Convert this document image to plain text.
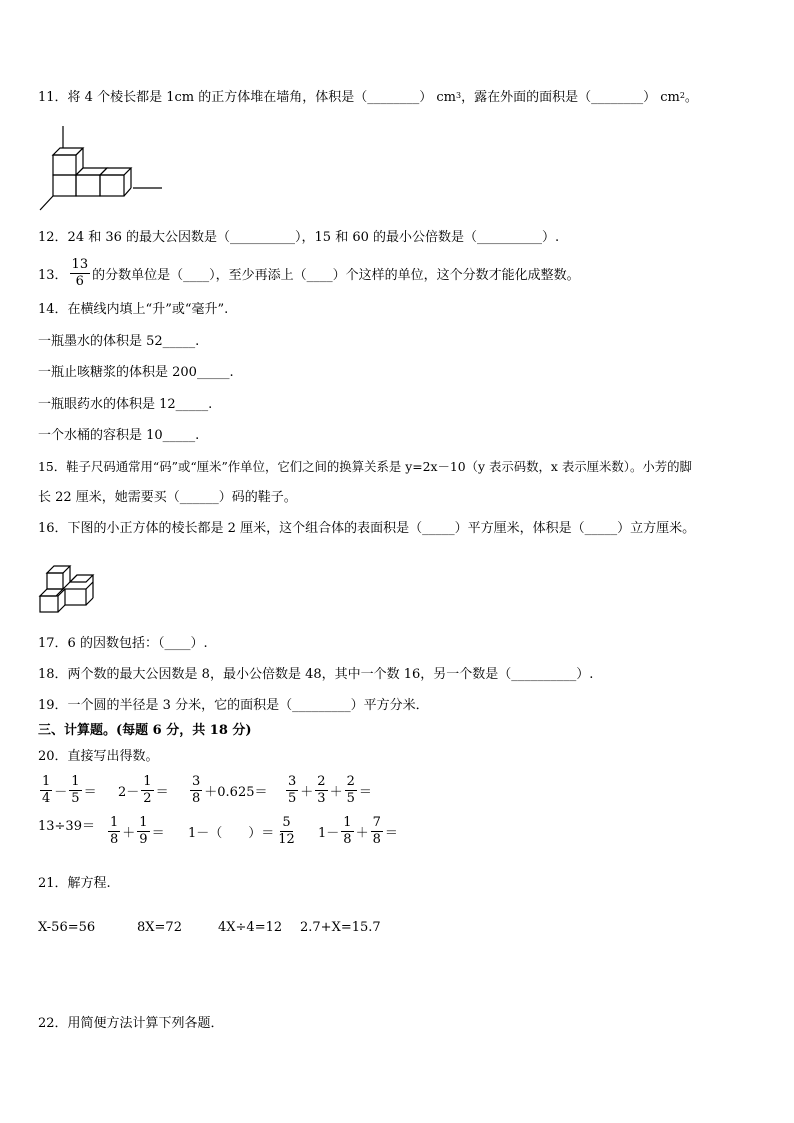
11．将 4 个棱长都是 1cm 的正方体堆在墙角，体积是（________） $cm^3$，露在外面的面积是（________） $cm^2$。
12．24 和 36 的最大公因数是（__________），15 和 60 的最小公倍数是（__________）.
13． $\frac{13}{6}$ 的分数单位是（____），至少再添上（____）个这样的单位，这个分数才能化成整数。
14．在横线内填上“升”或“毫升”.
一瓶墨水的体积是 52_____.
一瓶止咳糖浆的体积是 200_____.
一瓶眼药水的体积是 12_____.
一个水桶的容积是 10_____.
15．鞋子尺码通常用“码”或“厘米”作单位，它们之间的换算关系是 y=2x－10（y 表示码数，x 表示厘米数）。小芳的脚
长 22 厘米，她需要买（______）码的鞋子。
16．下图的小正方体的棱长都是 2 厘米，这个组合体的表面积是（_____）平方厘米，体积是（_____）立方厘米。
17．6 的因数包括：（____）.
18．两个数的最大公因数是 8，最小公倍数是 48，其中一个数 16，另一个数是（__________）.
19．一个圆的半径是 3 分米，它的面积是（_________）平方分米．
三、计算题。(每题 6 分，共 18 分)
20．直接写出得数。
$\frac{1}{4} - \frac{1}{5} = 2- \frac{1}{2} = \frac{3}{8} +0.625= \frac{3}{5} + \frac{2}{3} + \frac{2}{5}$ ＝
$13\div 39= \frac{1}{8} + \frac{1}{9} = 1-$（　　）＝ $\frac{5}{12} 1- \frac{1}{8} + \frac{7}{8}$ ＝
21．解方程.
X-56=56	8X=72	4X÷4=12 2.7+X=15.7
22．用简便方法计算下列各题．
